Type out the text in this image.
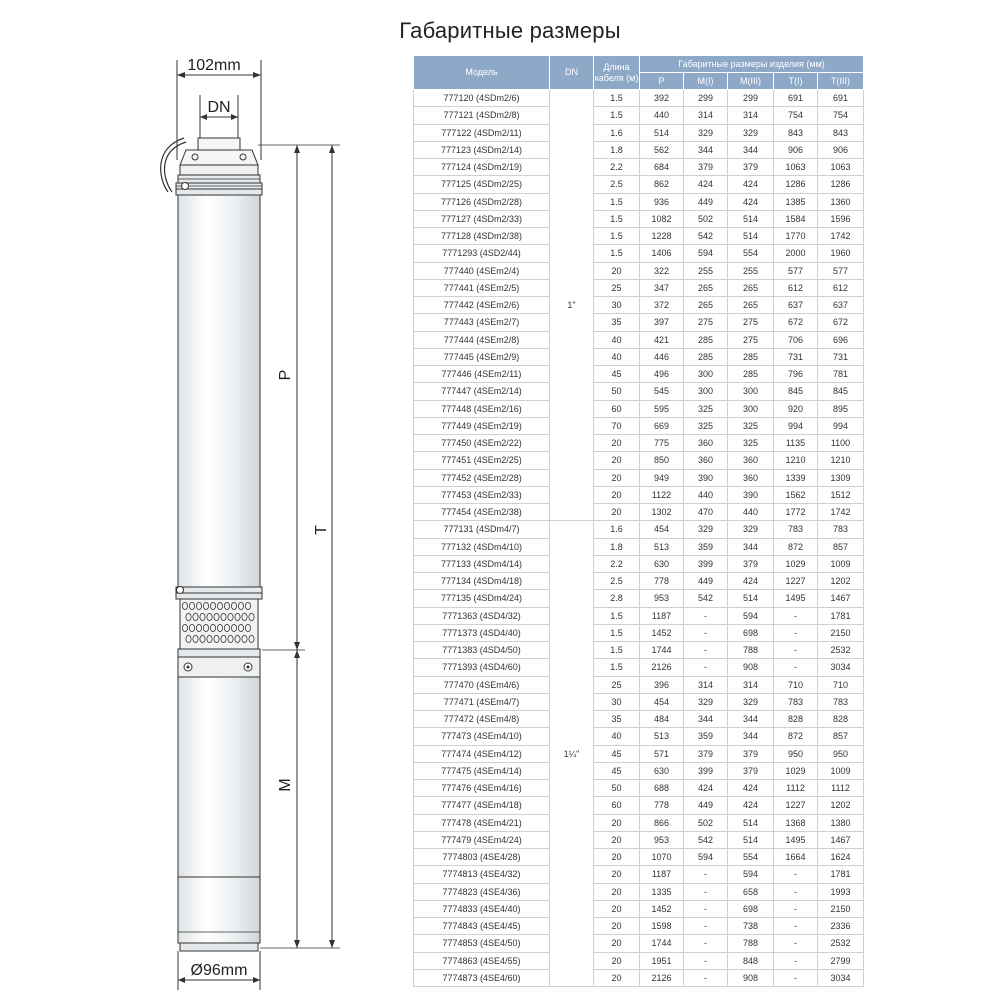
Габаритные размеры
102mm
DN
P
M
T
Ø96mm
Модель	DN	Длина
кабеля (м)	Габаритные размеры изделия (мм)				
			P	M(I)	M(III)	T(I)	T(III)
777120 (4SDm2/6)	1"	1.5	392	299	299	691	691
777121 (4SDm2/8)		1.5	440	314	314	754	754
777122 (4SDm2/11)		1.6	514	329	329	843	843
777123 (4SDm2/14)		1.8	562	344	344	906	906
777124 (4SDm2/19)		2.2	684	379	379	1063	1063
777125 (4SDm2/25)		2.5	862	424	424	1286	1286
777126 (4SDm2/28)		1.5	936	449	424	1385	1360
777127 (4SDm2/33)		1.5	1082	502	514	1584	1596
777128 (4SDm2/38)		1.5	1228	542	514	1770	1742
7771293 (4SD2/44)		1.5	1406	594	554	2000	1960
777440 (4SEm2/4)		20	322	255	255	577	577
777441 (4SEm2/5)		25	347	265	265	612	612
777442 (4SEm2/6)		30	372	265	265	637	637
777443 (4SEm2/7)		35	397	275	275	672	672
777444 (4SEm2/8)		40	421	285	275	706	696
777445 (4SEm2/9)		40	446	285	285	731	731
777446 (4SEm2/11)		45	496	300	285	796	781
777447 (4SEm2/14)		50	545	300	300	845	845
777448 (4SEm2/16)		60	595	325	300	920	895
777449 (4SEm2/19)		70	669	325	325	994	994
777450 (4SEm2/22)		20	775	360	325	1135	1100
777451 (4SEm2/25)		20	850	360	360	1210	1210
777452 (4SEm2/28)		20	949	390	360	1339	1309
777453 (4SEm2/33)		20	1122	440	390	1562	1512
777454 (4SEm2/38)		20	1302	470	440	1772	1742
777131 (4SDm4/7)	1¼"	1.6	454	329	329	783	783
777132 (4SDm4/10)		1.8	513	359	344	872	857
777133 (4SDm4/14)		2.2	630	399	379	1029	1009
777134 (4SDm4/18)		2.5	778	449	424	1227	1202
777135 (4SDm4/24)		2.8	953	542	514	1495	1467
7771363 (4SD4/32)		1.5	1187	-	594	-	1781
7771373 (4SD4/40)		1.5	1452	-	698	-	2150
7771383 (4SD4/50)		1.5	1744	-	788	-	2532
7771393 (4SD4/60)		1.5	2126	-	908	-	3034
777470 (4SEm4/6)		25	396	314	314	710	710
777471 (4SEm4/7)		30	454	329	329	783	783
777472 (4SEm4/8)		35	484	344	344	828	828
777473 (4SEm4/10)		40	513	359	344	872	857
777474 (4SEm4/12)		45	571	379	379	950	950
777475 (4SEm4/14)		45	630	399	379	1029	1009
777476 (4SEm4/16)		50	688	424	424	1112	1112
777477 (4SEm4/18)		60	778	449	424	1227	1202
777478 (4SEm4/21)		20	866	502	514	1368	1380
777479 (4SEm4/24)		20	953	542	514	1495	1467
7774803 (4SE4/28)		20	1070	594	554	1664	1624
7774813 (4SE4/32)		20	1187	-	594	-	1781
7774823 (4SE4/36)		20	1335	-	658	-	1993
7774833 (4SE4/40)		20	1452	-	698	-	2150
7774843 (4SE4/45)		20	1598	-	738	-	2336
7774853 (4SE4/50)		20	1744	-	788	-	2532
7774863 (4SE4/55)		20	1951	-	848	-	2799
7774873 (4SE4/60)		20	2126	-	908	-	3034
